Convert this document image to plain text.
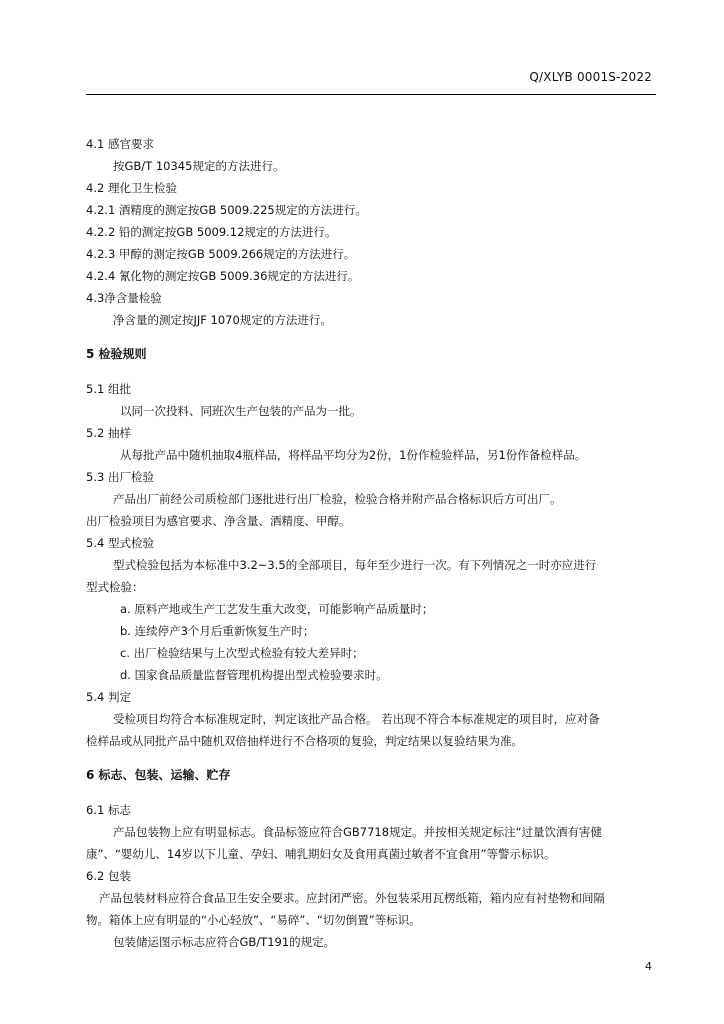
Q/XLYB 0001S-2022
4.1 感官要求
按GB/T 10345规定的方法进行。
4.2 理化卫生检验
4.2.1 酒精度的测定按GB 5009.225规定的方法进行。
4.2.2 铅的测定按GB 5009.12规定的方法进行。
4.2.3 甲醇的测定按GB 5009.266规定的方法进行。
4.2.4 氰化物的测定按GB 5009.36规定的方法进行。
4.3净含量检验
净含量的测定按JJF 1070规定的方法进行。
5 检验规则
5.1 组批
以同一次投料、同班次生产包装的产品为一批。
5.2 抽样
从每批产品中随机抽取4瓶样品，将样品平均分为2份，1份作检验样品，另1份作备检样品。
5.3 出厂检验
产品出厂前经公司质检部门逐批进行出厂检验，检验合格并附产品合格标识后方可出厂。
出厂检验项目为感官要求、净含量、酒精度、甲醇。
5.4 型式检验
型式检验包括为本标准中3.2~3.5的全部项目，每年至少进行一次。有下列情况之一时亦应进行
型式检验：
a. 原料产地或生产工艺发生重大改变，可能影响产品质量时；
b. 连续停产3个月后重新恢复生产时；
c. 出厂检验结果与上次型式检验有较大差异时；
d. 国家食品质量监督管理机构提出型式检验要求时。
5.4 判定
受检项目均符合本标准规定时，判定该批产品合格。 若出现不符合本标准规定的项目时，应对备
检样品或从同批产品中随机双倍抽样进行不合格项的复验，判定结果以复验结果为准。
6 标志、包装、运输、贮存
6.1 标志
产品包装物上应有明显标志。食品标签应符合GB7718规定。并按相关规定标注“过量饮酒有害健
康”、“婴幼儿、14岁以下儿童、孕妇、哺乳期妇女及食用真菌过敏者不宜食用”等警示标识。
6.2 包装
产品包装材料应符合食品卫生安全要求。应封闭严密。外包装采用瓦楞纸箱，箱内应有衬垫物和间隔
物。箱体上应有明显的“小心轻放”、“易碎”、“切勿倒置”等标识。
包装储运图示标志应符合GB/T191的规定。
4
